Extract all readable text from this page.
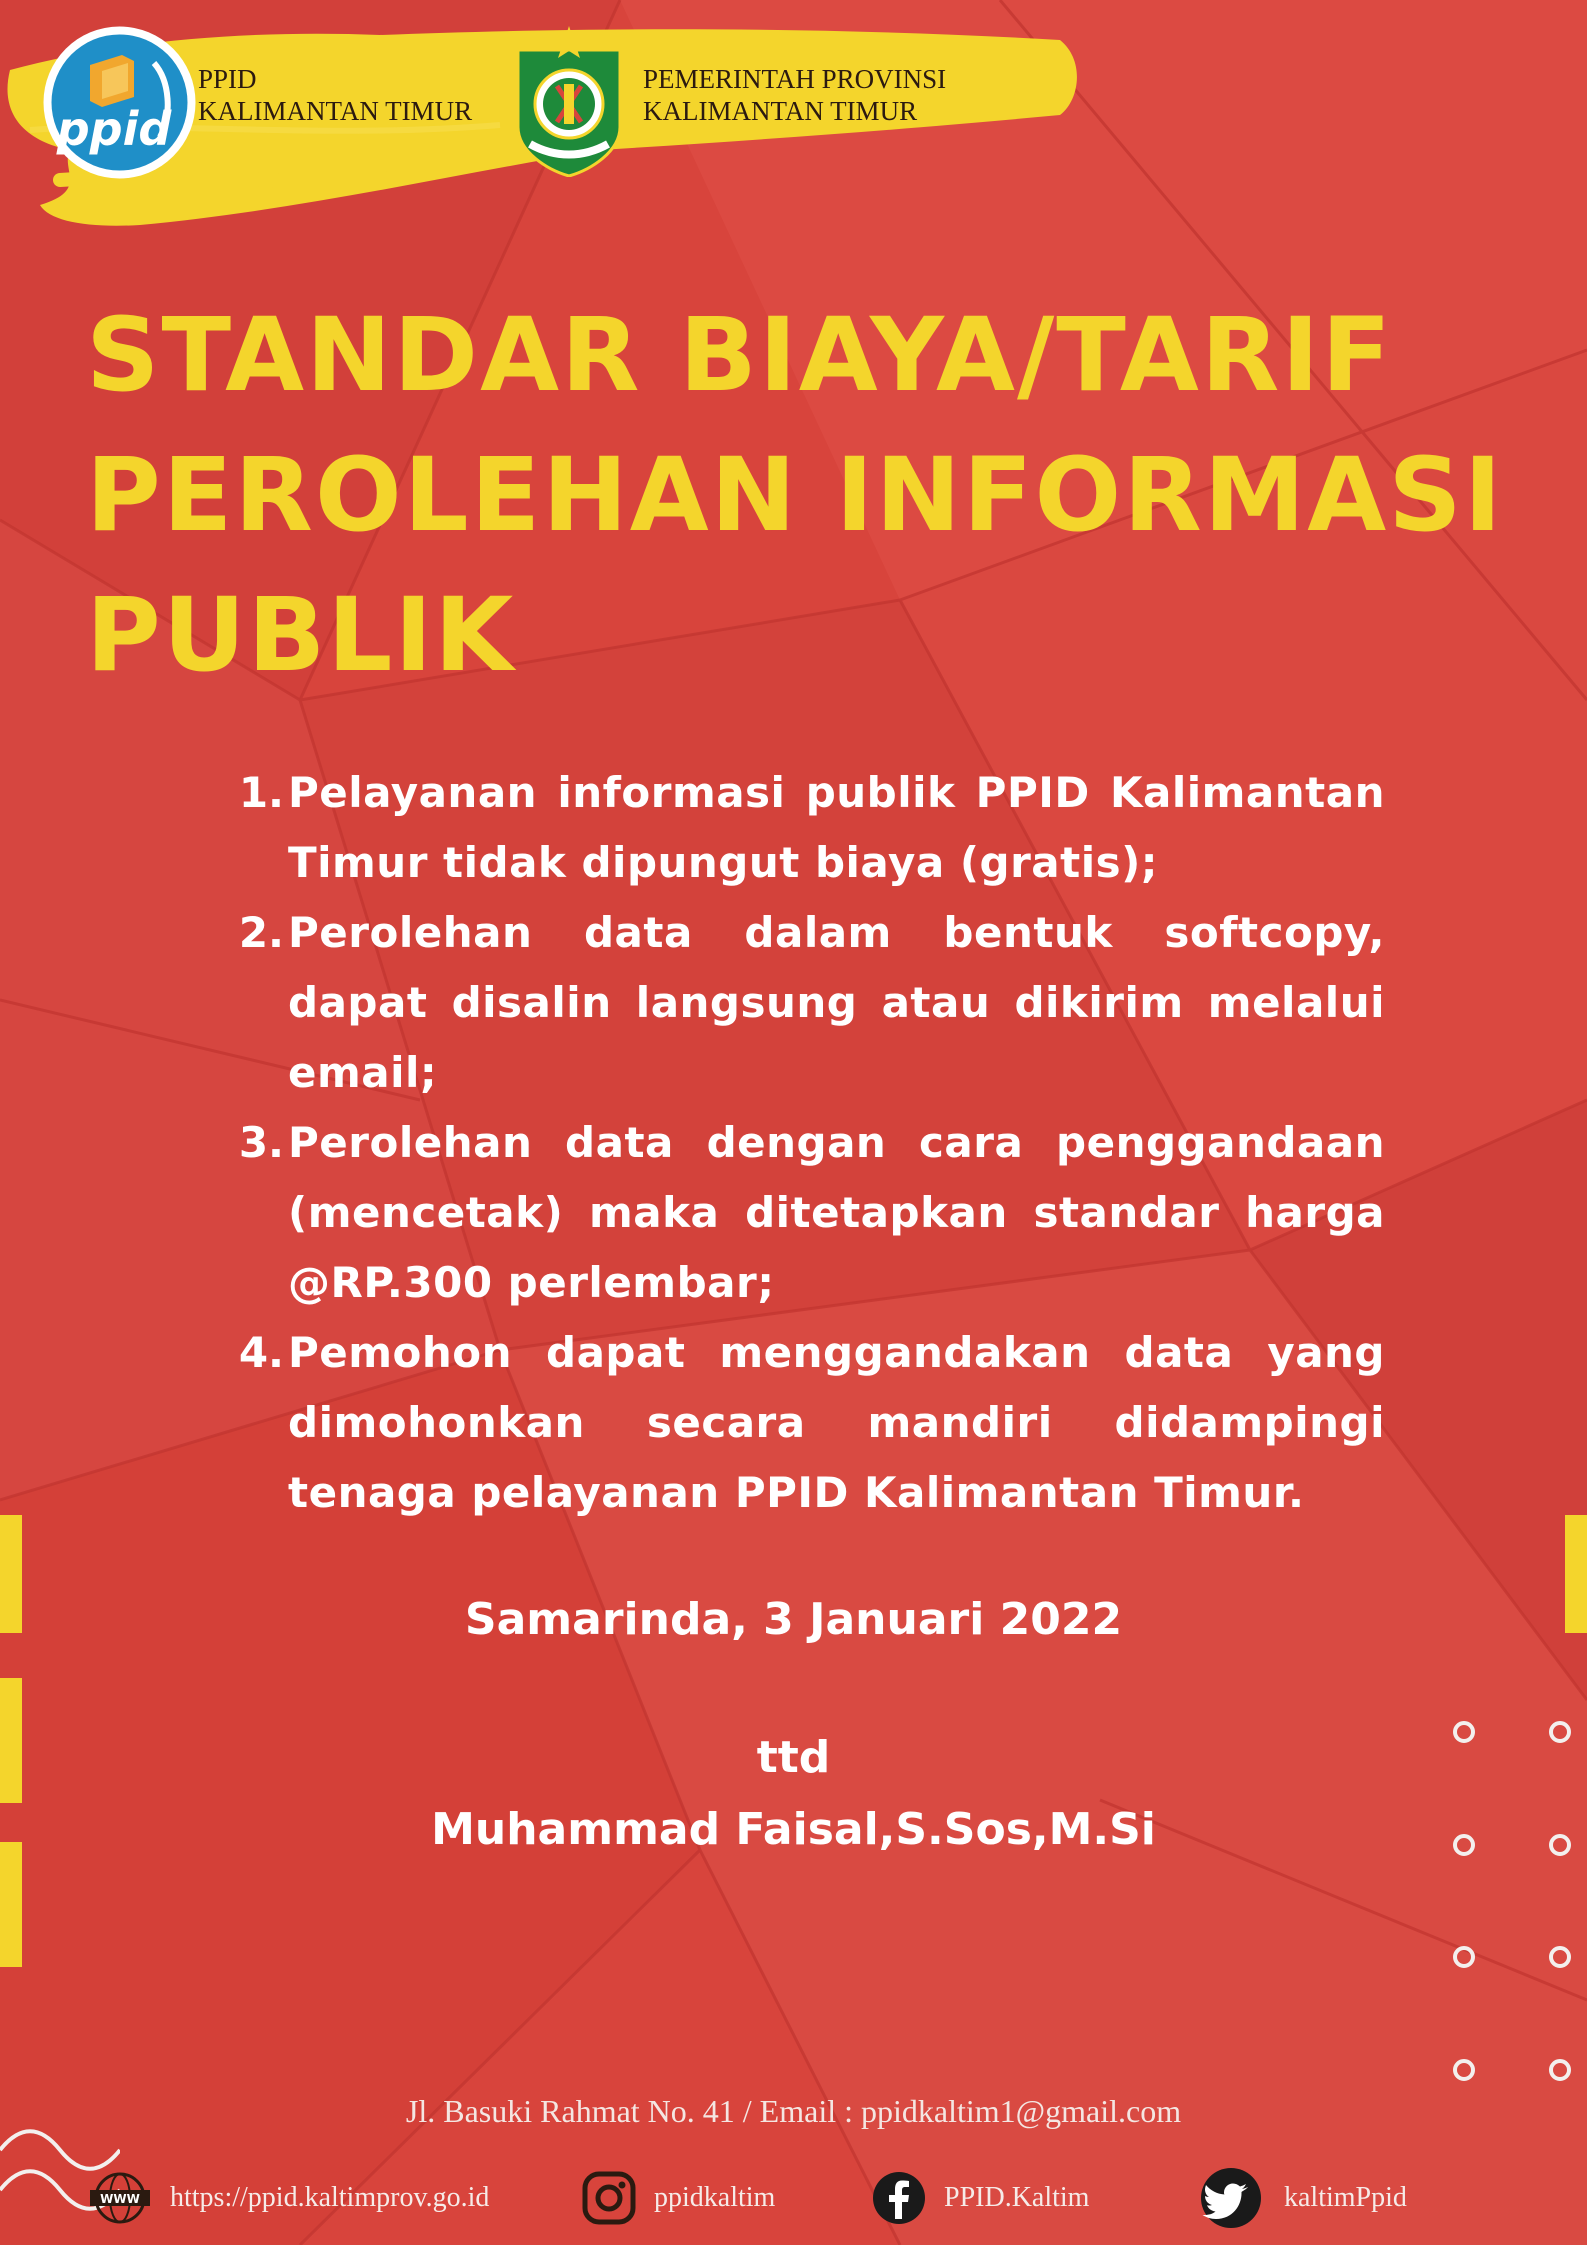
ppid
PPID
KALIMANTAN TIMUR
PEMERINTAH PROVINSI
KALIMANTAN TIMUR
STANDAR BIAYA/TARIF
PEROLEHAN INFORMASI
PUBLIK
1. Pelayanan informasi publik PPID Kalimantan Timur tidak dipungut biaya (gratis);
2. Perolehan data dalam bentuk softcopy, dapat disalin langsung atau dikirim melalui email;
3. Perolehan data dengan cara penggandaan (mencetak) maka ditetapkan standar harga @RP.300 perlembar;
4. Pemohon dapat menggandakan data yang dimohonkan secara mandiri didampingi tenaga pelayanan PPID Kalimantan Timur.
Samarinda, 3 Januari 2022
ttd
Muhammad Faisal,S.Sos,M.Si
Jl. Basuki Rahmat No. 41 / Email : ppidkaltim1@gmail.com
WWW https://ppid.kaltimprov.go.id	ppidkaltim	PPID.Kaltim	kaltimPpid
